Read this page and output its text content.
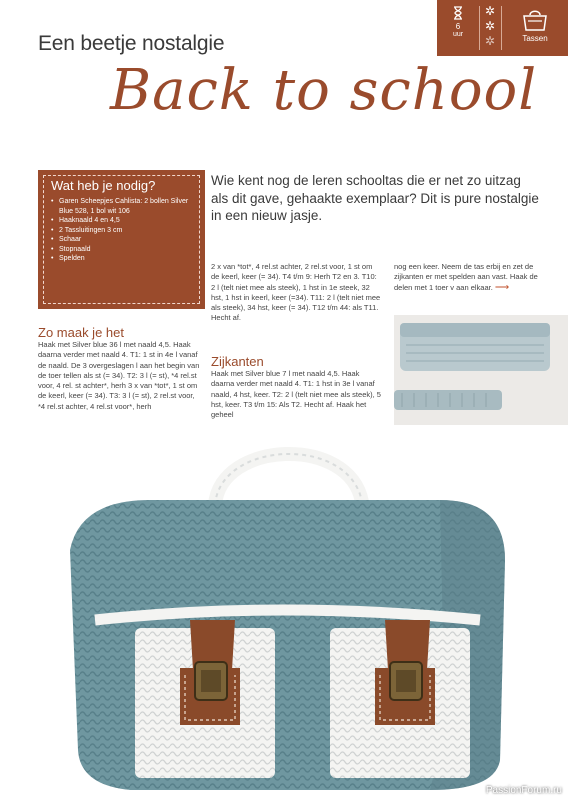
Een beetje nostalgie
Back to school
6
uur
✲
✲
✲	Tassen
Wat heb je nodig?
• Garen Scheepjes Cahlista: 2 bollen Silver Blue 528, 1 bol wit 106
• Haaknaald 4 en 4,5
• 2 Tassluitingen 3 cm
• Schaar
• Stopnaald
• Spelden
Wie kent nog de leren schooltas die er net zo uitzag als dit gave, gehaakte exemplaar? Dit is pure nostalgie in een nieuw jasje.
Zo maak je het
Haak met Silver blue 36 l met naald 4,5. Haak daarna verder met naald 4. T1: 1 st in 4e l vanaf de naald. De 3 overgeslagen l aan het begin van de toer tellen als st (= 34). T2: 3 l (= st), *4 rel.st voor, 4 rel. st achter*, herh 3 x van *tot*, 1 st om de keerl, keer (= 34). T3: 3 l (= st), 2 rel.st voor, *4 rel.st achter, 4 rel.st voor*, herh
2 x van *tot*, 4 rel.st achter, 2 rel.st voor, 1 st om de keerl, keer (= 34). T4 t/m 9: Herh T2 en 3. T10: 2 l (telt niet mee als steek), 1 hst in 1e steek, 32 hst, 1 hst in keerl, keer (=34). T11: 2 l (telt niet mee als steek), 34 hst, keer (= 34). T12 t/m 44: als T11. Hecht af.
Zijkanten
Haak met Silver blue 7 l met naald 4,5. Haak daarna verder met naald 4. T1: 1 hst in 3e l vanaf naald, 4 hst, keer. T2: 2 l (telt niet mee als steek), 5 hst, keer. T3 t/m 15: Als T2. Hecht af. Haak het geheel
nog een keer. Neem de tas erbij en zet de zijkanten er met spelden aan vast. Haak de delen met 1 toer v aan elkaar. ⟶
PassionForum.ru
